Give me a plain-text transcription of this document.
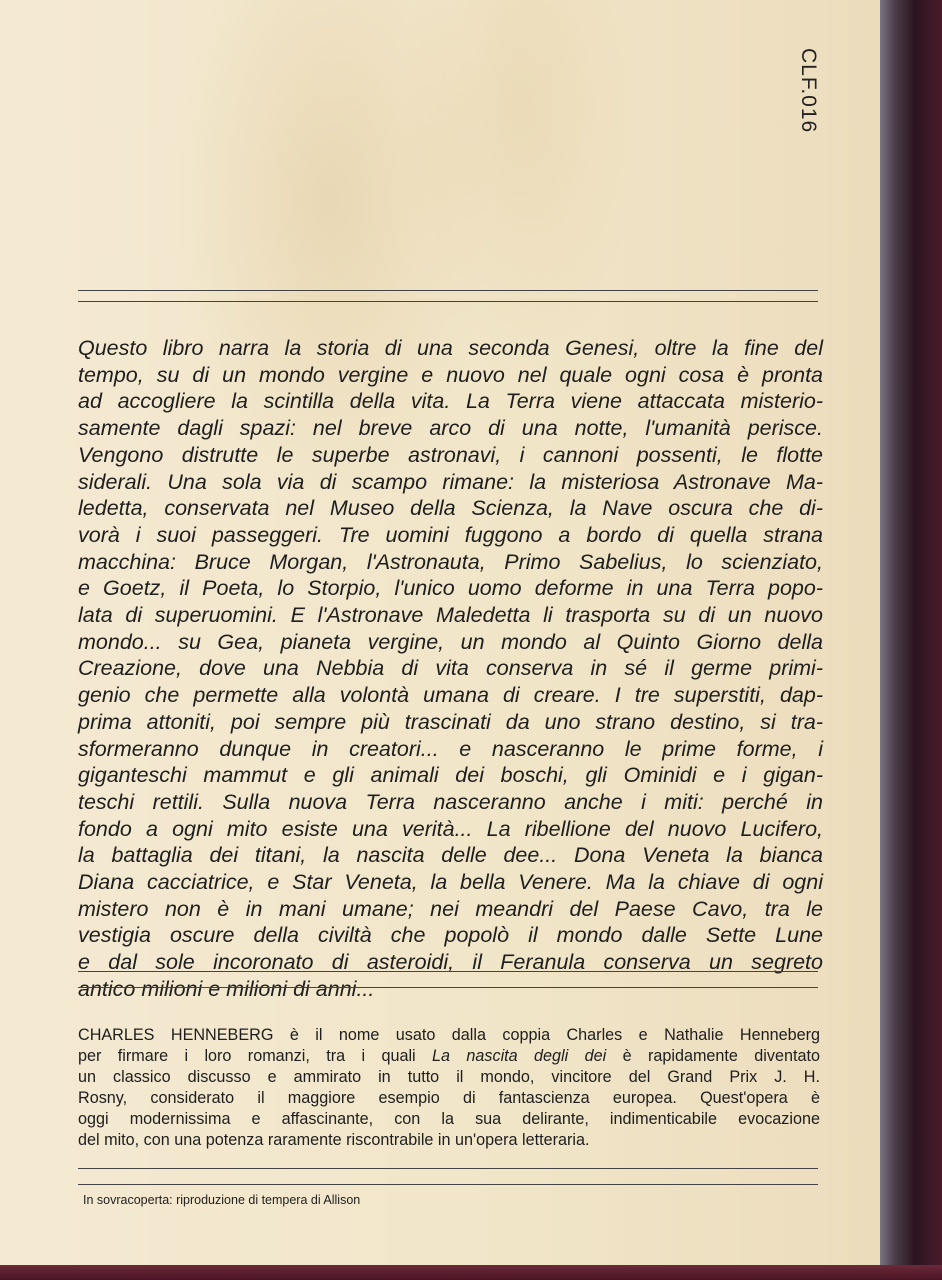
CLF.016
Questo libro narra la storia di una seconda Genesi, oltre la fine del
tempo, su di un mondo vergine e nuovo nel quale ogni cosa è pronta
ad accogliere la scintilla della vita. La Terra viene attaccata misterio-
samente dagli spazi: nel breve arco di una notte, l'umanità perisce.
Vengono distrutte le superbe astronavi, i cannoni possenti, le flotte
siderali. Una sola via di scampo rimane: la misteriosa Astronave Ma-
ledetta, conservata nel Museo della Scienza, la Nave oscura che di-
vorà i suoi passeggeri. Tre uomini fuggono a bordo di quella strana
macchina: Bruce Morgan, l'Astronauta, Primo Sabelius, lo scienziato,
e Goetz, il Poeta, lo Storpio, l'unico uomo deforme in una Terra popo-
lata di superuomini. E l'Astronave Maledetta li trasporta su di un nuovo
mondo... su Gea, pianeta vergine, un mondo al Quinto Giorno della
Creazione, dove una Nebbia di vita conserva in sé il germe primi-
genio che permette alla volontà umana di creare. I tre superstiti, dap-
prima attoniti, poi sempre più trascinati da uno strano destino, si tra-
sformeranno dunque in creatori... e nasceranno le prime forme, i
giganteschi mammut e gli animali dei boschi, gli Ominidi e i gigan-
teschi rettili. Sulla nuova Terra nasceranno anche i miti: perché in
fondo a ogni mito esiste una verità... La ribellione del nuovo Lucifero,
la battaglia dei titani, la nascita delle dee... Dona Veneta la bianca
Diana cacciatrice, e Star Veneta, la bella Venere. Ma la chiave di ogni
mistero non è in mani umane; nei meandri del Paese Cavo, tra le
vestigia oscure della civiltà che popolò il mondo dalle Sette Lune
e dal sole incoronato di asteroidi, il Feranula conserva un segreto
antico milioni e milioni di anni...
CHARLES HENNEBERG è il nome usato dalla coppia Charles e Nathalie Henneberg
per firmare i loro romanzi, tra i quali La nascita degli dei è rapidamente diventato
un classico discusso e ammirato in tutto il mondo, vincitore del Grand Prix J. H.
Rosny, considerato il maggiore esempio di fantascienza europea. Quest'opera è
oggi modernissima e affascinante, con la sua delirante, indimenticabile evocazione
del mito, con una potenza raramente riscontrabile in un'opera letteraria.
In sovracoperta: riproduzione di tempera di Allison
